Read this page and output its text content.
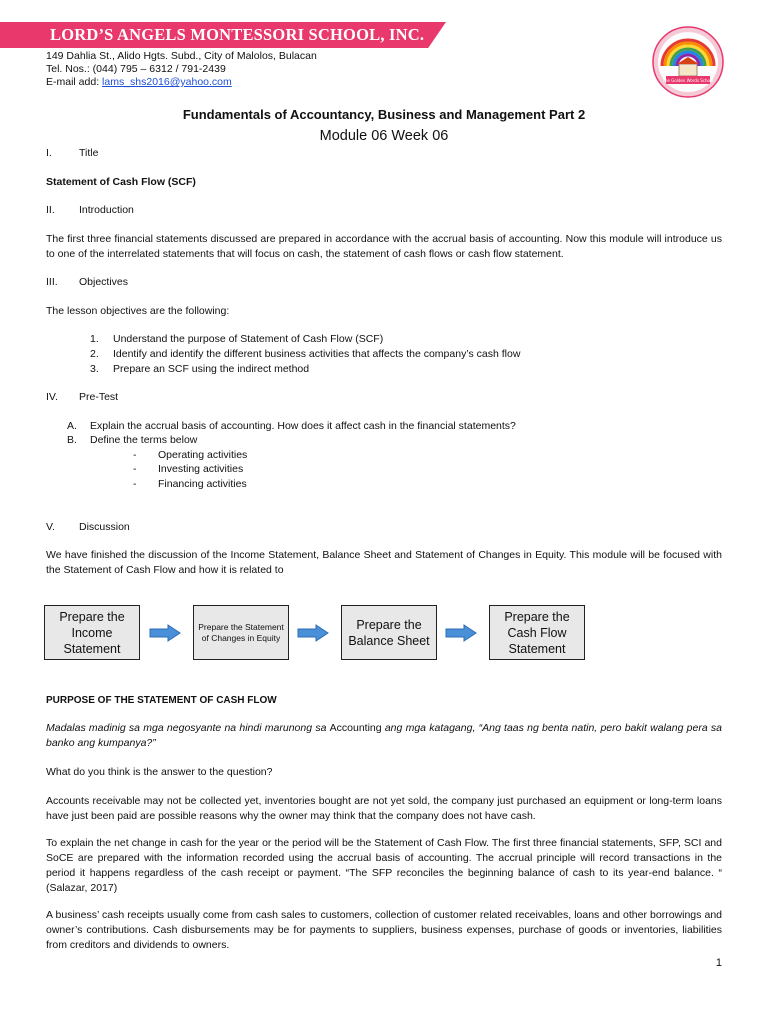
LORD’S ANGELS MONTESSORI SCHOOL, INC.
149 Dahlia St., Alido Hgts. Subd., City of Malolos, Bulacan
Tel. Nos.: (044) 795 – 6312 / 791-2439
E-mail add: lams_shs2016@yahoo.com	The Golden Words School
Fundamentals of Accountancy, Business and Management Part 2
Module 06 Week 06
I.	Title
Statement of Cash Flow (SCF)
II. Introduction
The first three financial statements discussed are prepared in accordance with the accrual basis of accounting. Now this module will introduce us to one of the interrelated statements that will focus on cash, the statement of cash flows or cash flow statement.
III. Objectives
The lesson objectives are the following:
1. Understand the purpose of Statement of Cash Flow (SCF)
2. Identify and identify the different business activities that affects the company’s cash flow
3. Prepare an SCF using the indirect method
IV. Pre-Test
A. Explain the accrual basis of accounting. How does it affect cash in the financial statements?
B. Define the terms below
- Operating activities
- Investing activities
- Financing activities
V. Discussion
We have finished the discussion of the Income Statement, Balance Sheet and Statement of Changes in Equity. This module will be focused with the Statement of Cash Flow and how it is related to
Prepare the Income Statement
Prepare the Statement of Changes in Equity
Prepare the Balance Sheet
Prepare the Cash Flow Statement
PURPOSE OF THE STATEMENT OF CASH FLOW
Madalas madinig sa mga negosyante na hindi marunong sa Accounting ang mga katagang, “Ang taas ng benta natin, pero bakit walang pera sa banko ang kumpanya?”
What do you think is the answer to the question?
Accounts receivable may not be collected yet, inventories bought are not yet sold, the company just purchased an equipment or long-term loans have just been paid are possible reasons why the owner may think that the company does not have cash.
To explain the net change in cash for the year or the period will be the Statement of Cash Flow. The first three financial statements, SFP, SCI and SoCE are prepared with the information recorded using the accrual basis of accounting. The accrual principle will record transactions in the period it happens regardless of the cash receipt or payment. “The SFP reconciles the beginning balance of cash to its year-end balance. “ (Salazar, 2017)
A business’ cash receipts usually come from cash sales to customers, collection of customer related receivables, loans and other borrowings and owner’s contributions. Cash disbursements may be for payments to suppliers, business expenses, purchase of goods or inventories, liabilities from creditors and dividends to owners.
1
